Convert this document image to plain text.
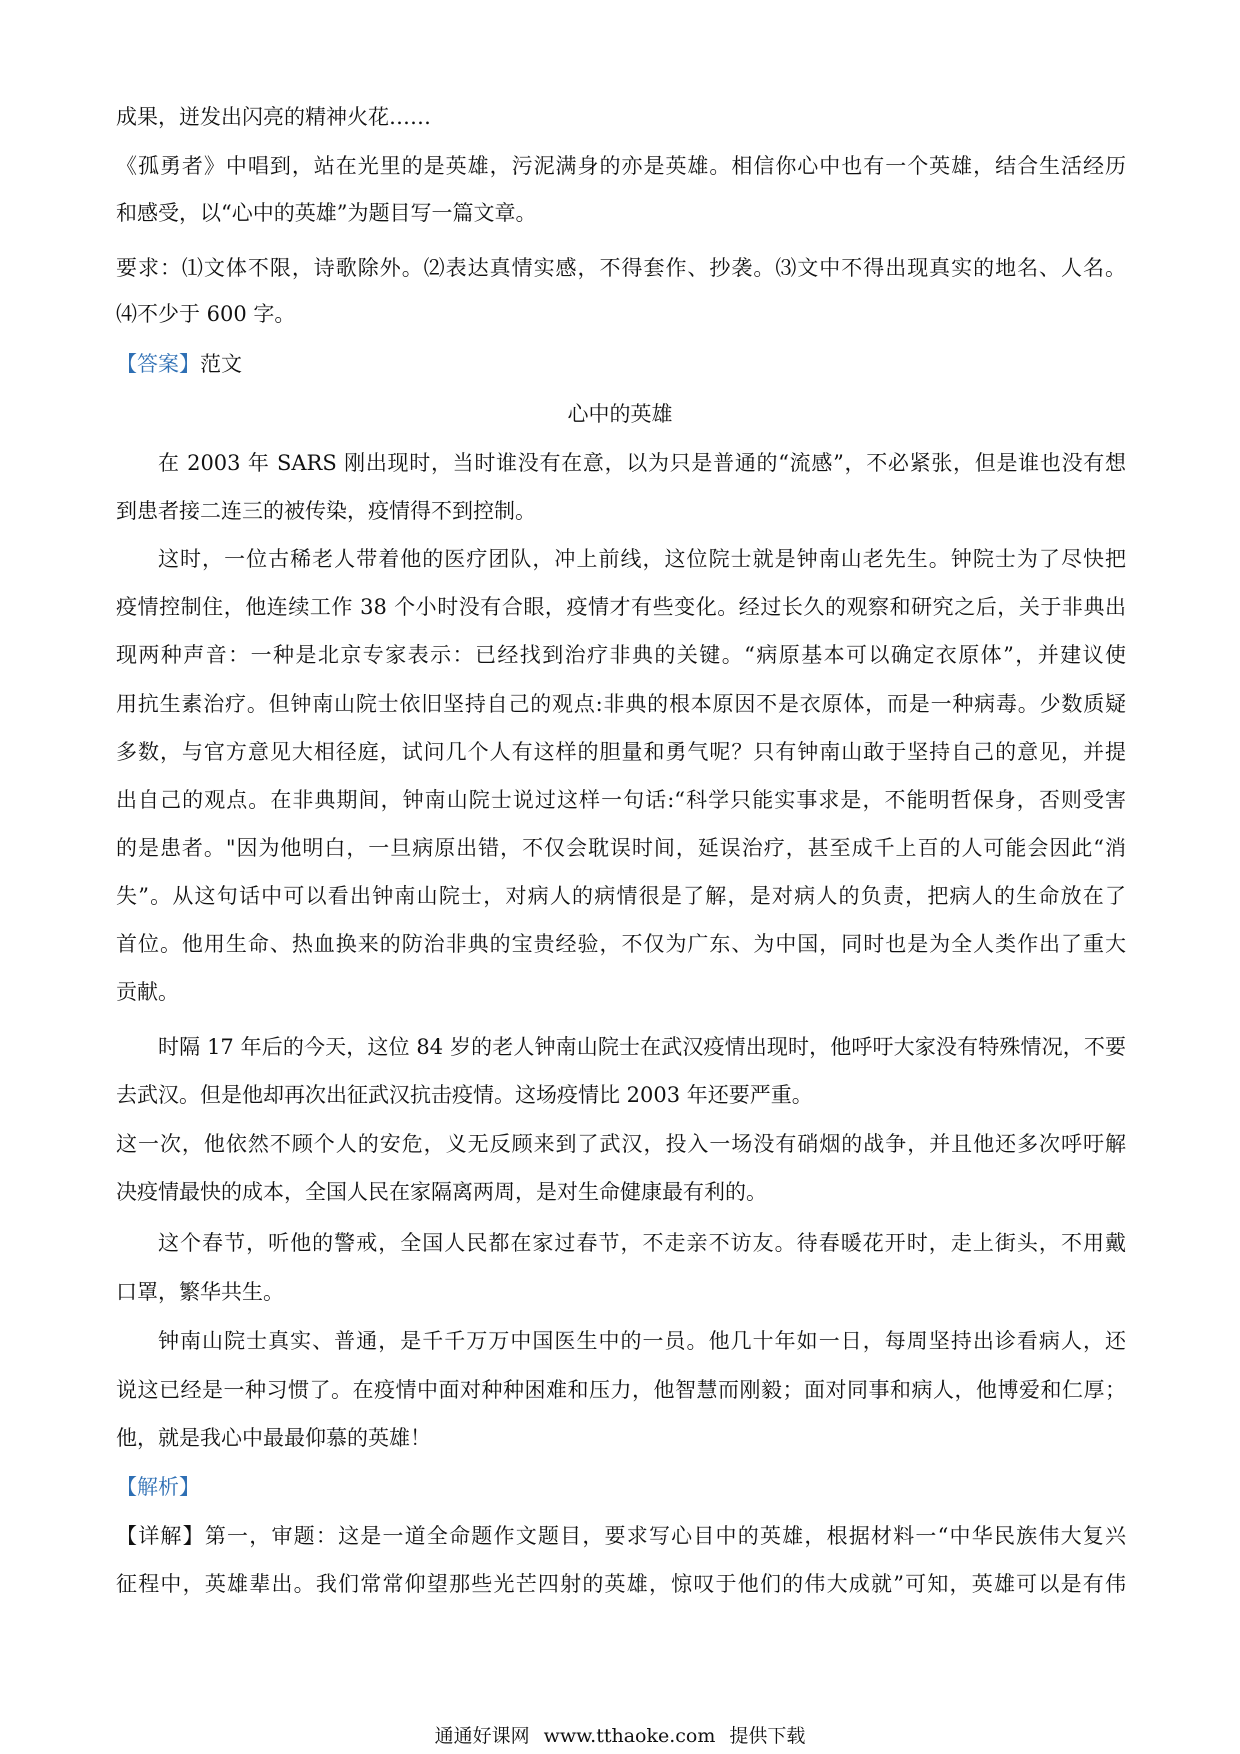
成果，迸发出闪亮的精神火花……
《孤勇者》中唱到，站在光里的是英雄，污泥满身的亦是英雄。相信你心中也有一个英雄，结合生活经历
和感受，以“心中的英雄”为题目写一篇文章。
要求：⑴文体不限，诗歌除外。⑵表达真情实感，不得套作、抄袭。⑶文中不得出现真实的地名、人名。
⑷不少于 600 字。
【答案】范文
心中的英雄
在 2003 年 SARS 刚出现时，当时谁没有在意，以为只是普通的“流感”，不必紧张，但是谁也没有想
到患者接二连三的被传染，疫情得不到控制。
这时，一位古稀老人带着他的医疗团队，冲上前线，这位院士就是钟南山老先生。钟院士为了尽快把
疫情控制住，他连续工作 38 个小时没有合眼，疫情才有些变化。经过长久的观察和研究之后，关于非典出
现两种声音：一种是北京专家表示：已经找到治疗非典的关键。“病原基本可以确定衣原体”，并建议使
用抗生素治疗。但钟南山院士依旧坚持自己的观点:非典的根本原因不是衣原体，而是一种病毒。少数质疑
多数，与官方意见大相径庭，试问几个人有这样的胆量和勇气呢？只有钟南山敢于坚持自己的意见，并提
出自己的观点。在非典期间，钟南山院士说过这样一句话:“科学只能实事求是，不能明哲保身，否则受害
的是患者。"因为他明白，一旦病原出错，不仅会耽误时间，延误治疗，甚至成千上百的人可能会因此“消
失”。从这句话中可以看出钟南山院士，对病人的病情很是了解，是对病人的负责，把病人的生命放在了
首位。他用生命、热血换来的防治非典的宝贵经验，不仅为广东、为中国，同时也是为全人类作出了重大
贡献。
时隔 17 年后的今天，这位 84 岁的老人钟南山院士在武汉疫情出现时，他呼吁大家没有特殊情况，不要
去武汉。但是他却再次出征武汉抗击疫情。这场疫情比 2003 年还要严重。
这一次，他依然不顾个人的安危，义无反顾来到了武汉，投入一场没有硝烟的战争，并且他还多次呼吁解
决疫情最快的成本，全国人民在家隔离两周，是对生命健康最有利的。
这个春节，听他的警戒，全国人民都在家过春节，不走亲不访友。待春暖花开时，走上街头，不用戴
口罩，繁华共生。
钟南山院士真实、普通，是千千万万中国医生中的一员。他几十年如一日，每周坚持出诊看病人，还
说这已经是一种习惯了。在疫情中面对种种困难和压力，他智慧而刚毅；面对同事和病人，他博爱和仁厚；
他，就是我心中最最仰慕的英雄！
【解析】
【详解】第一，审题：这是一道全命题作文题目，要求写心目中的英雄，根据材料一“中华民族伟大复兴
征程中，英雄辈出。我们常常仰望那些光芒四射的英雄，惊叹于他们的伟大成就”可知，英雄可以是有伟
通通好课网 www.tthaoke.com 提供下载
